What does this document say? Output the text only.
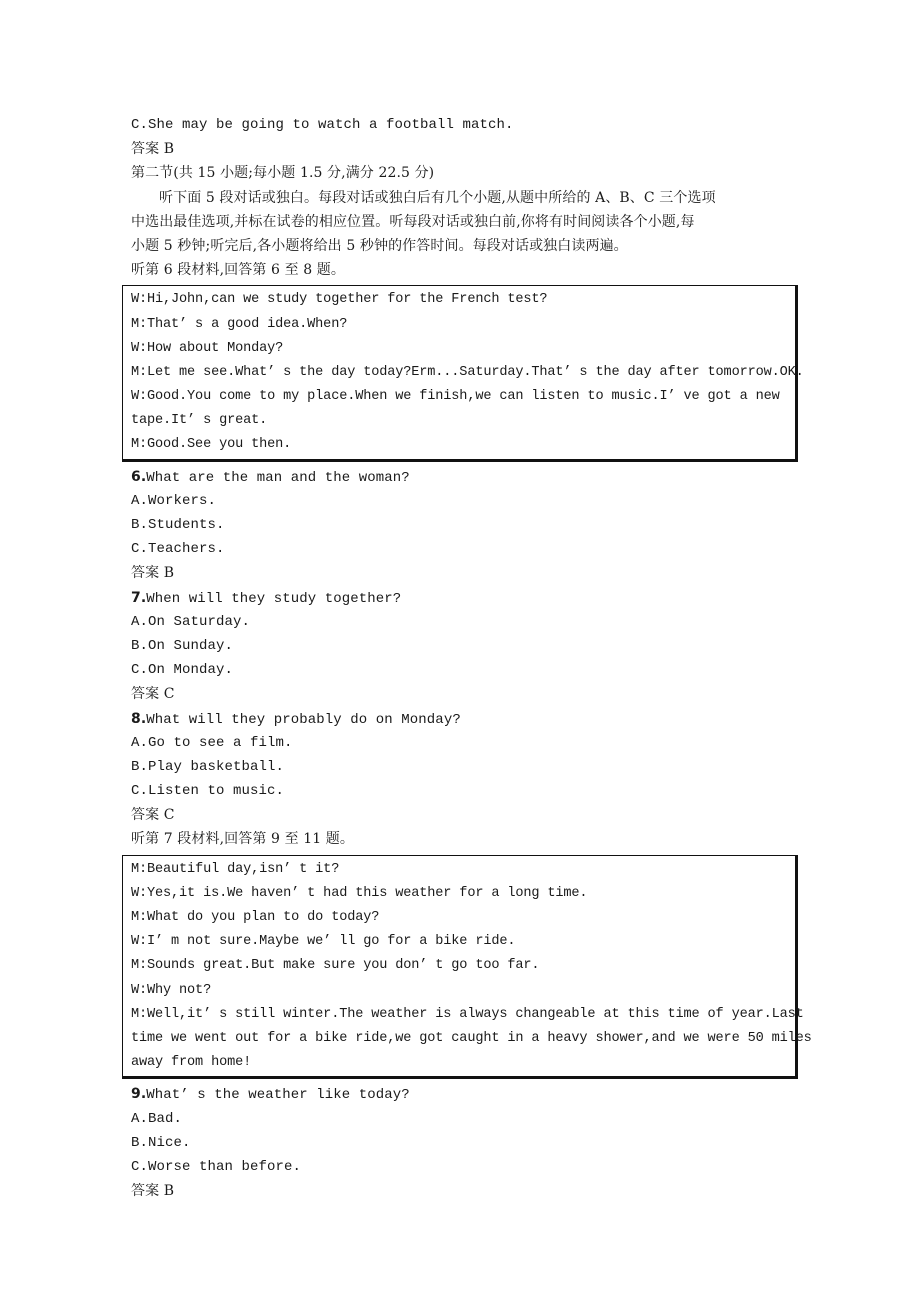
C.She may be going to watch a football match.
答案 B
第二节(共 15 小题;每小题 1.5 分,满分 22.5 分)
听下面 5 段对话或独白。每段对话或独白后有几个小题,从题中所给的 A、B、C 三个选项
中选出最佳选项,并标在试卷的相应位置。听每段对话或独白前,你将有时间阅读各个小题,每
小题 5 秒钟;听完后,各小题将给出 5 秒钟的作答时间。每段对话或独白读两遍。
听第 6 段材料,回答第 6 至 8 题。
W:Hi,John,can we study together for the French test?
M:That’ s a good idea.When?
W:How about Monday?
M:Let me see.What’ s the day today?Erm...Saturday.That’ s the day after tomorrow.OK.
W:Good.You come to my place.When we finish,we can listen to music.I’ ve got a new
tape.It’ s great.
M:Good.See you then.
6.What are the man and the woman?
A.Workers.
B.Students.
C.Teachers.
答案 B
7.When will they study together?
A.On Saturday.
B.On Sunday.
C.On Monday.
答案 C
8.What will they probably do on Monday?
A.Go to see a film.
B.Play basketball.
C.Listen to music.
答案 C
听第 7 段材料,回答第 9 至 11 题。
M:Beautiful day,isn’ t it?
W:Yes,it is.We haven’ t had this weather for a long time.
M:What do you plan to do today?
W:I’ m not sure.Maybe we’ ll go for a bike ride.
M:Sounds great.But make sure you don’ t go too far.
W:Why not?
M:Well,it’ s still winter.The weather is always changeable at this time of year.Last
time we went out for a bike ride,we got caught in a heavy shower,and we were 50 miles
away from home!
9.What’ s the weather like today?
A.Bad.
B.Nice.
C.Worse than before.
答案 B
